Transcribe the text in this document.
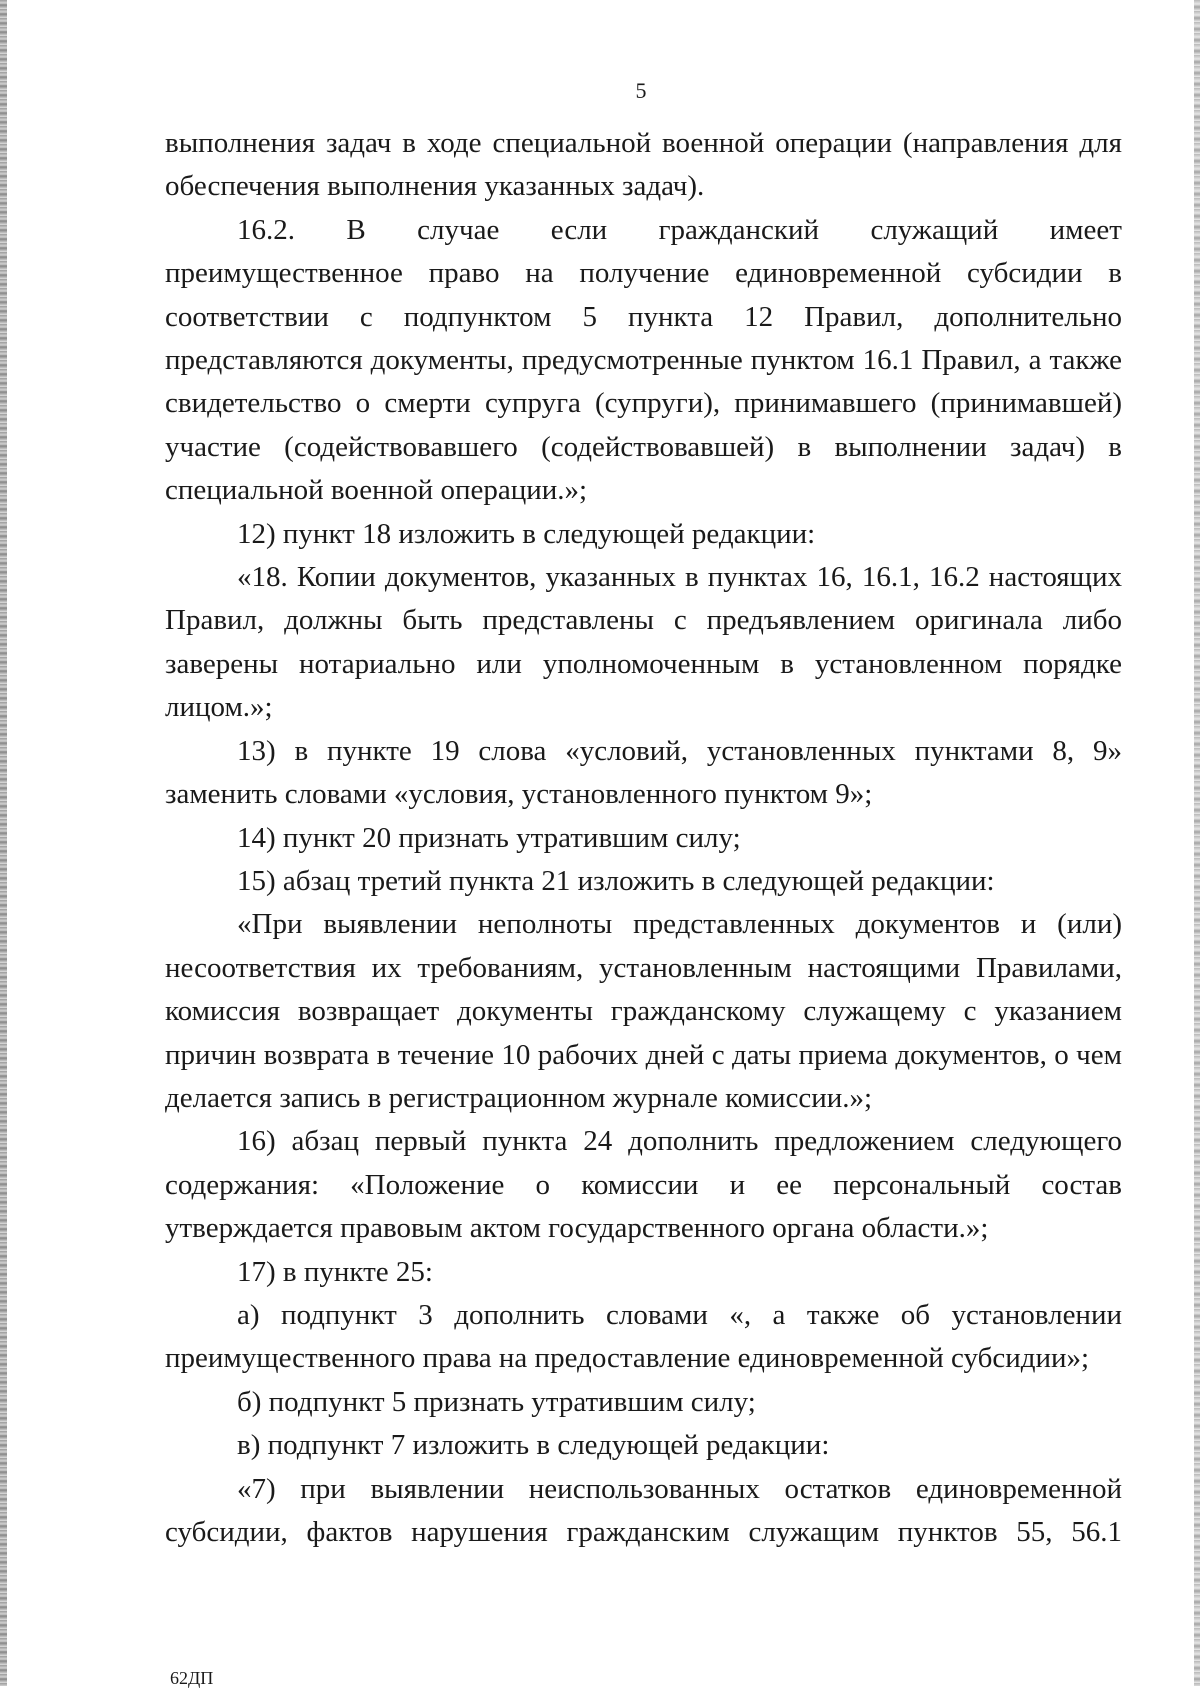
5

выполнения задач в ходе специальной военной операции (направления для обеспечения выполнения указанных задач).

16.2. В случае если гражданский служащий имеет

преимущественное право на получение единовременной субсидии в соответствии с подпунктом 5 пункта 12 Правил, дополнительно представляются документы, предусмотренные пунктом 16.1 Правил, а также свидетельство о смерти супруга (супруги), принимавшего (принимавшей) участие (содействовавшего (содействовавшей) в выполнении задач) в специальной военной операции.»;

12) пункт 18 изложить в следующей редакции:

«18. Копии документов, указанных в пунктах 16, 16.1, 16.2 настоящих Правил, должны быть представлены с предъявлением оригинала либо заверены нотариально или уполномоченным в установленном порядке лицом.»;

13) в пункте 19 слова «условий, установленных пунктами 8, 9» заменить словами «условия, установленного пунктом 9»;

14) пункт 20 признать утратившим силу;

15) абзац третий пункта 21 изложить в следующей редакции:

«При выявлении неполноты представленных документов и (или) несоответствия их требованиям, установленным настоящими Правилами, комиссия возвращает документы гражданскому служащему с указанием причин возврата в течение 10 рабочих дней с даты приема документов, о чем делается запись в регистрационном журнале комиссии.»;

16) абзац первый пункта 24 дополнить предложением следующего содержания: «Положение о комиссии и ее персональный состав утверждается правовым актом государственного органа области.»;

17) в пункте 25:

а) подпункт 3 дополнить словами «, а также об установлении преимущественного права на предоставление единовременной субсидии»;

б) подпункт 5 признать утратившим силу;

в) подпункт 7 изложить в следующей редакции:

«7) при выявлении неиспользованных остатков единовременной субсидии, фактов нарушения гражданским служащим пунктов 55, 56.1

62ДП
